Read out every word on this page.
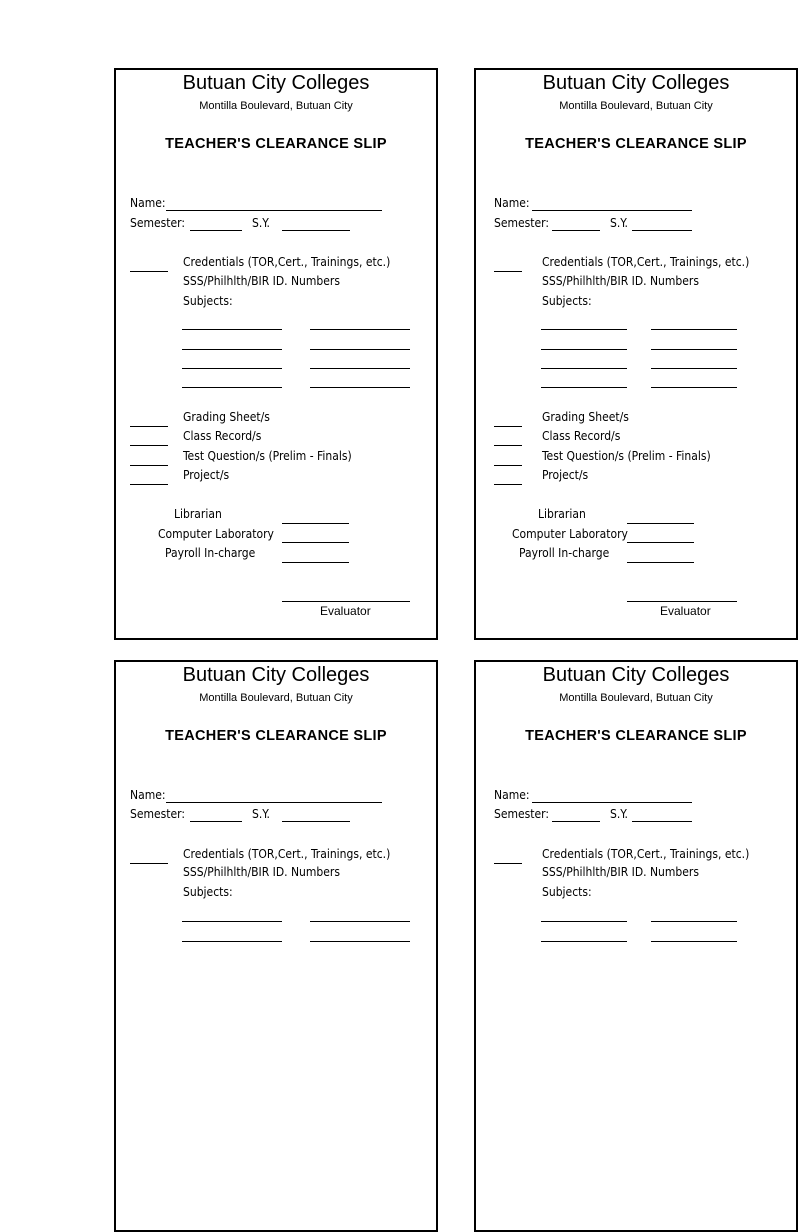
Butuan City Colleges
Montilla Boulevard, Butuan City
TEACHER'S CLEARANCE SLIP
Name:
Semester:	S.Y.
Credentials (TOR,Cert., Trainings, etc.)
SSS/Philhlth/BIR ID. Numbers
Subjects:
Grading Sheet/s
Class Record/s
Test Question/s (Prelim - Finals)
Project/s
Librarian
Computer Laboratory
Payroll In-charge
Evaluator
Butuan City Colleges
Montilla Boulevard, Butuan City
TEACHER'S CLEARANCE SLIP
Name:
Semester:	S.Y.
Credentials (TOR,Cert., Trainings, etc.)
SSS/Philhlth/BIR ID. Numbers
Subjects:
Grading Sheet/s
Class Record/s
Test Question/s (Prelim - Finals)
Project/s
Librarian
Computer Laboratory
Payroll In-charge
Evaluator
Butuan City Colleges
Montilla Boulevard, Butuan City
TEACHER'S CLEARANCE SLIP
Name:
Semester:	S.Y.
Credentials (TOR,Cert., Trainings, etc.)
SSS/Philhlth/BIR ID. Numbers
Subjects:
Butuan City Colleges
Montilla Boulevard, Butuan City
TEACHER'S CLEARANCE SLIP
Name:
Semester:	S.Y.
Credentials (TOR,Cert., Trainings, etc.)
SSS/Philhlth/BIR ID. Numbers
Subjects:
